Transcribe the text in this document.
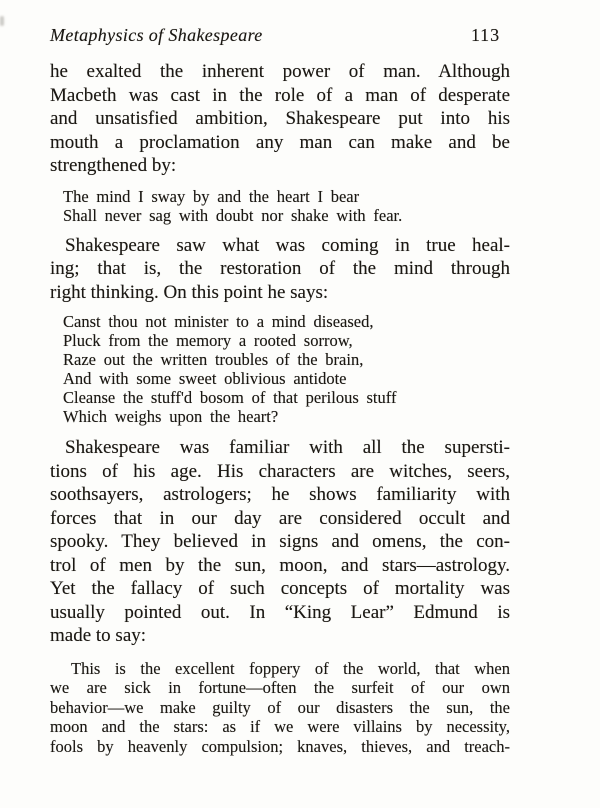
Metaphysics of Shakespeare	113
he exalted the inherent power of man. Although
Macbeth was cast in the role of a man of desperate
and unsatisfied ambition, Shakespeare put into his
mouth a proclamation any man can make and be
strengthened by:
The mind I sway by and the heart I bear
Shall never sag with doubt nor shake with fear.
Shakespeare saw what was coming in true heal-
ing; that is, the restoration of the mind through
right thinking. On this point he says:
Canst thou not minister to a mind diseased,
Pluck from the memory a rooted sorrow,
Raze out the written troubles of the brain,
And with some sweet oblivious antidote
Cleanse the stuff'd bosom of that perilous stuff
Which weighs upon the heart?
Shakespeare was familiar with all the supersti-
tions of his age. His characters are witches, seers,
soothsayers, astrologers; he shows familiarity with
forces that in our day are considered occult and
spooky. They believed in signs and omens, the con-
trol of men by the sun, moon, and stars—astrology.
Yet the fallacy of such concepts of mortality was
usually pointed out. In “King Lear” Edmund is
made to say:
This is the excellent foppery of the world, that when
we are sick in fortune—often the surfeit of our own
behavior—we make guilty of our disasters the sun, the
moon and the stars: as if we were villains by necessity,
fools by heavenly compulsion; knaves, thieves, and treach-
